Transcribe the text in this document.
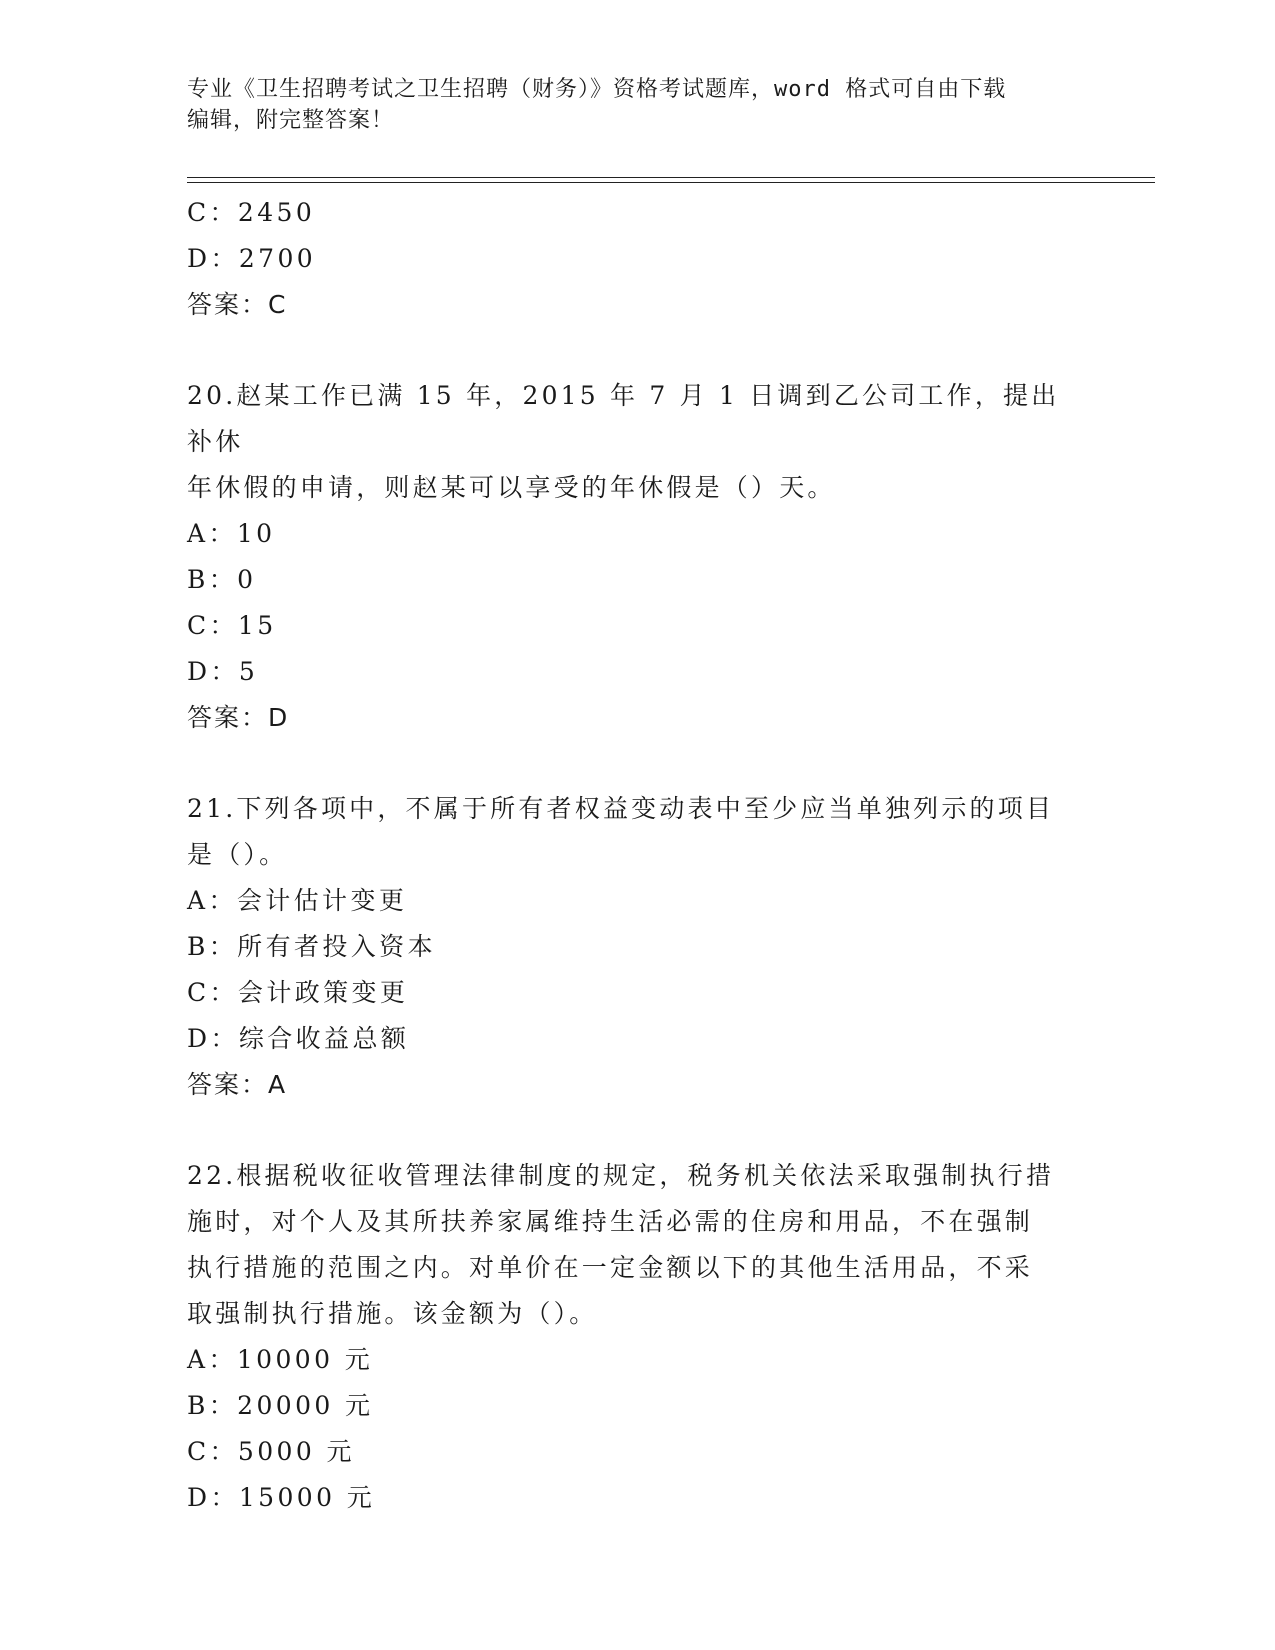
专业《卫生招聘考试之卫生招聘（财务）》资格考试题库，word 格式可自由下载
编辑，附完整答案！
C：2450
D：2700
答案：C
20.赵某工作已满 15 年，2015 年 7 月 1 日调到乙公司工作，提出补休
年休假的申请，则赵某可以享受的年休假是（）天。
A：10
B：0
C：15
D：5
答案：D
21.下列各项中，不属于所有者权益变动表中至少应当单独列示的项目
是（）。
A：会计估计变更
B：所有者投入资本
C：会计政策变更
D：综合收益总额
答案：A
22.根据税收征收管理法律制度的规定，税务机关依法采取强制执行措
施时，对个人及其所扶养家属维持生活必需的住房和用品，不在强制
执行措施的范围之内。对单价在一定金额以下的其他生活用品，不采
取强制执行措施。该金额为（）。
A：10000 元
B：20000 元
C：5000 元
D：15000 元
